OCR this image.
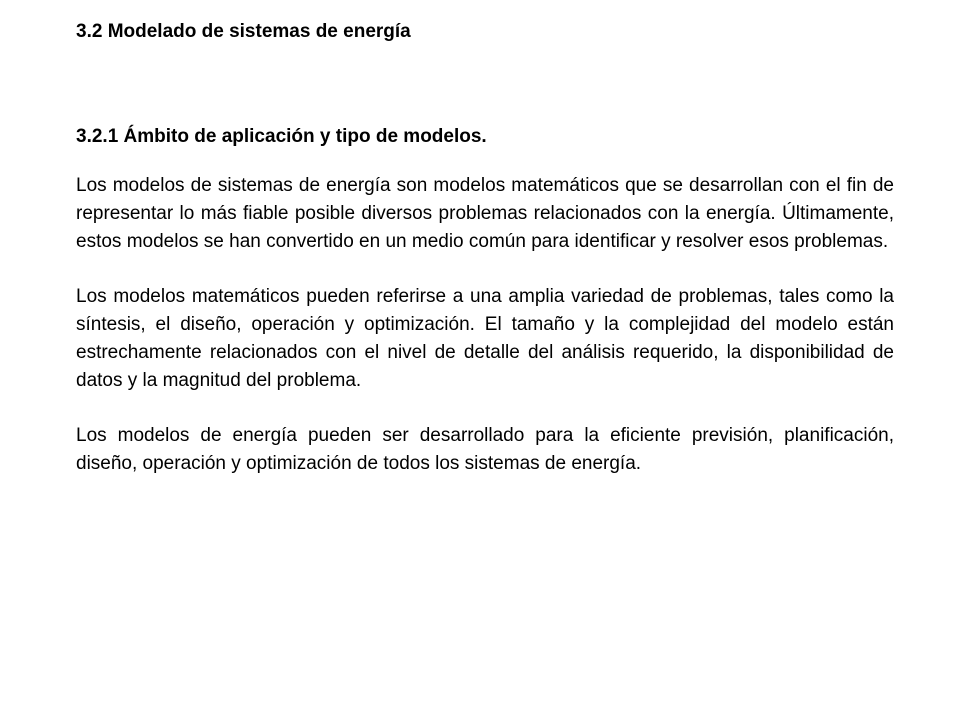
3.2 Modelado de sistemas de energía
3.2.1 Ámbito de aplicación y tipo de modelos.

Los modelos de sistemas de energía son modelos matemáticos que se desarrollan con el fin de representar lo más fiable posible diversos problemas relacionados con la energía. Últimamente, estos modelos se han convertido en un medio común para identificar y resolver esos problemas.

Los modelos matemáticos pueden referirse a una amplia variedad de problemas, tales como la síntesis, el diseño, operación y optimización. El tamaño y la complejidad del modelo están estrechamente relacionados con el nivel de detalle del análisis requerido, la disponibilidad de datos y la magnitud del problema.

Los modelos de energía pueden ser desarrollado para la eficiente previsión, planificación, diseño, operación y optimización de todos los sistemas de energía.
